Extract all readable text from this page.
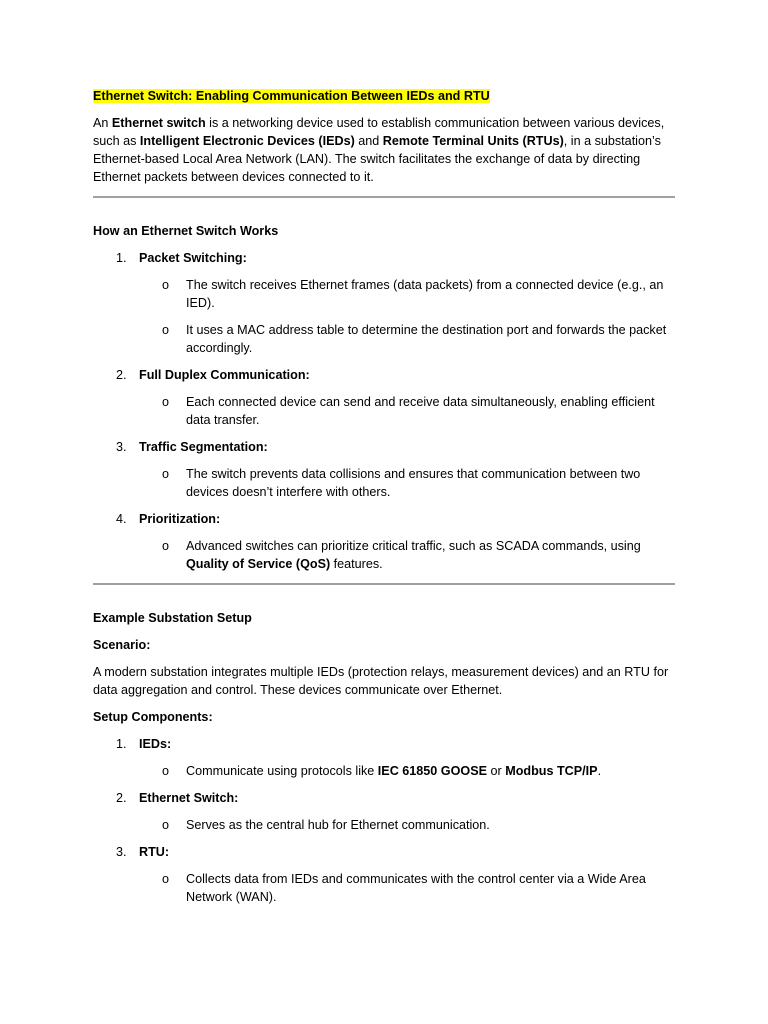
Ethernet Switch: Enabling Communication Between IEDs and RTU

An Ethernet switch is a networking device used to establish communication between various devices, such as Intelligent Electronic Devices (IEDs) and Remote Terminal Units (RTUs), in a substation’s Ethernet-based Local Area Network (LAN). The switch facilitates the exchange of data by directing Ethernet packets between devices connected to it.

How an Ethernet Switch Works

1. Packet Switching:
o The switch receives Ethernet frames (data packets) from a connected device (e.g., an IED).
o It uses a MAC address table to determine the destination port and forwards the packet accordingly.
2. Full Duplex Communication:
o Each connected device can send and receive data simultaneously, enabling efficient data transfer.
3. Traffic Segmentation:
o The switch prevents data collisions and ensures that communication between two devices doesn’t interfere with others.
4. Prioritization:
o Advanced switches can prioritize critical traffic, such as SCADA commands, using Quality of Service (QoS) features.

Example Substation Setup

Scenario:

A modern substation integrates multiple IEDs (protection relays, measurement devices) and an RTU for data aggregation and control. These devices communicate over Ethernet.

Setup Components:

1. IEDs:
o Communicate using protocols like IEC 61850 GOOSE or Modbus TCP/IP.
2. Ethernet Switch:
o Serves as the central hub for Ethernet communication.
3. RTU:
o Collects data from IEDs and communicates with the control center via a Wide Area Network (WAN).
